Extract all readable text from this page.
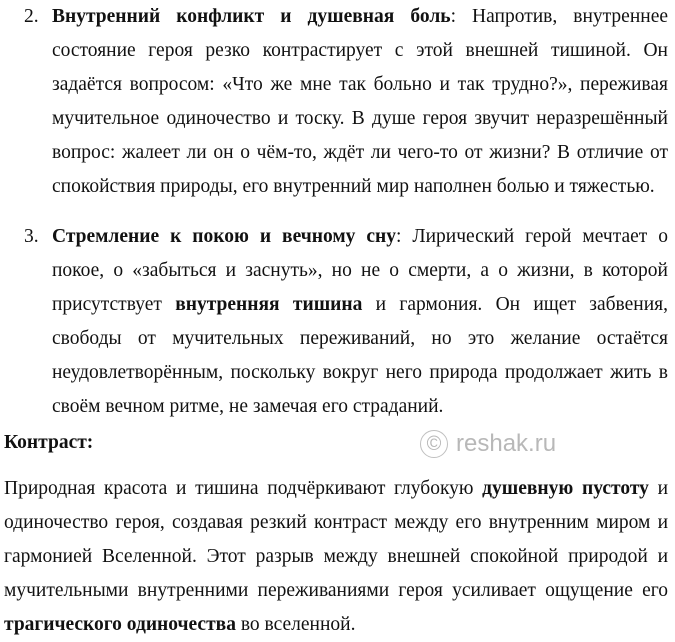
© reshak.ru
2. Внутренний конфликт и душевная боль: Напротив, внутреннее
состояние героя резко контрастирует с этой внешней тишиной. Он
задаётся вопросом: «Что же мне так больно и так трудно?», переживая
мучительное одиночество и тоску. В душе героя звучит неразрешённый
вопрос: жалеет ли он о чём-то, ждёт ли чего-то от жизни? В отличие от
спокойствия природы, его внутренний мир наполнен болью и тяжестью.
3. Стремление к покою и вечному сну: Лирический герой мечтает о
покое, о «забыться и заснуть», но не о смерти, а о жизни, в которой
присутствует внутренняя тишина и гармония. Он ищет забвения,
свободы от мучительных переживаний, но это желание остаётся
неудовлетворённым, поскольку вокруг него природа продолжает жить в
своём вечном ритме, не замечая его страданий.
Контраст:
Природная красота и тишина подчёркивают глубокую душевную пустоту и
одиночество героя, создавая резкий контраст между его внутренним миром и
гармонией Вселенной. Этот разрыв между внешней спокойной природой и
мучительными внутренними переживаниями героя усиливает ощущение его
трагического одиночества во вселенной.
